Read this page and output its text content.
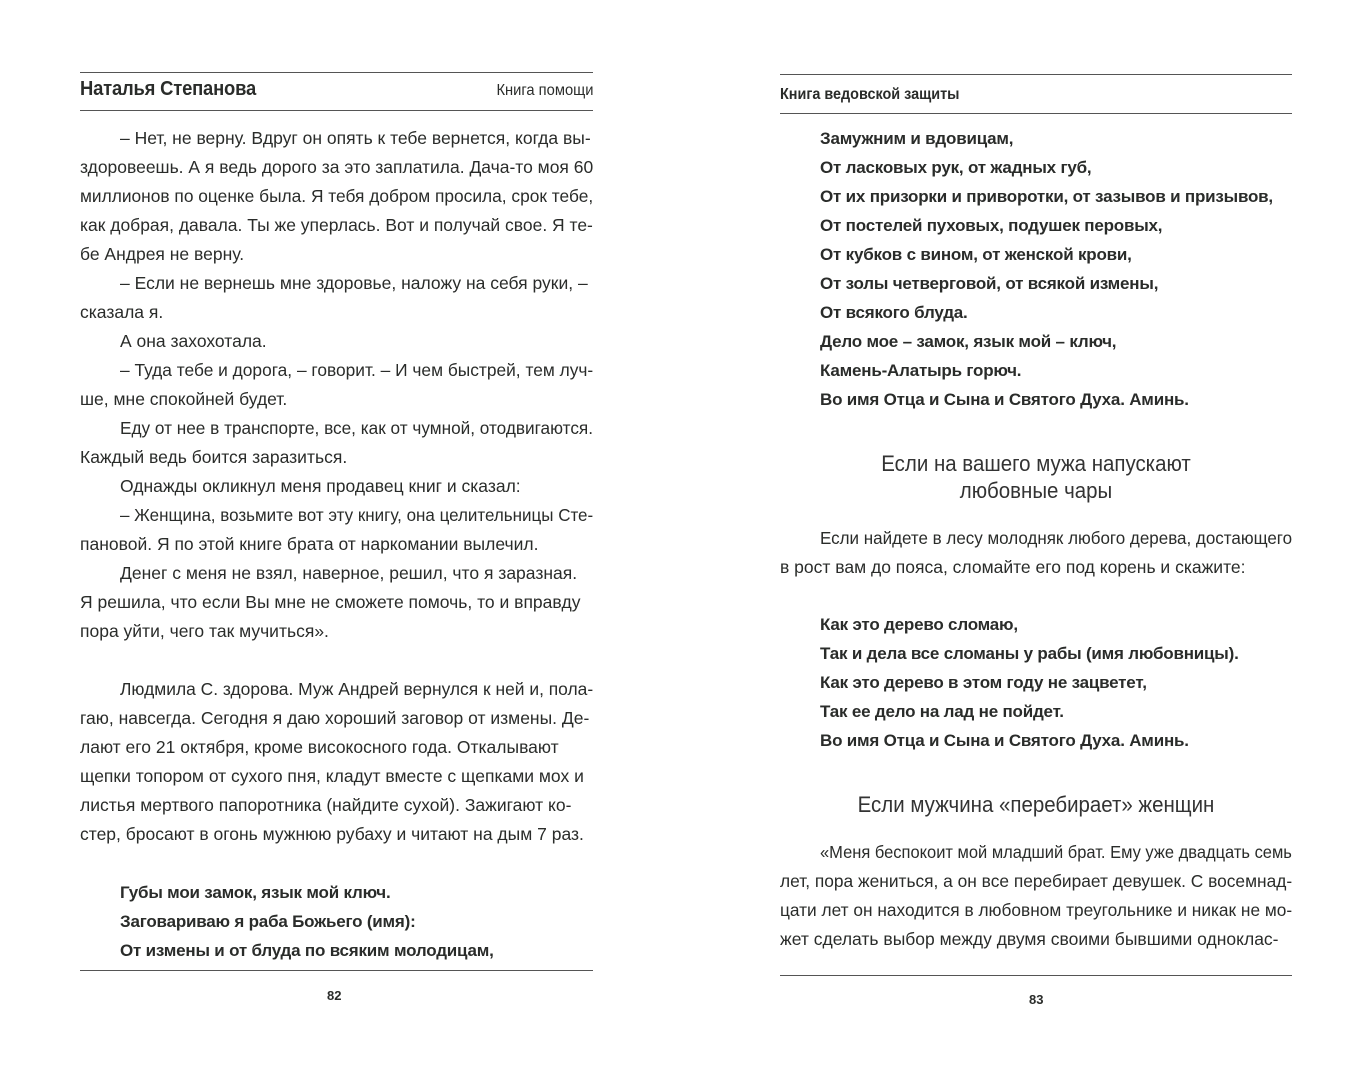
Наталья Степанова	Книга помощи
– Нет, не верну. Вдруг он опять к тебе вернется, когда вы-
здоровеешь. А я ведь дорого за это заплатила. Дача-то моя 60
миллионов по оценке была. Я тебя добром просила, срок тебе,
как добрая, давала. Ты же уперлась. Вот и получай свое. Я те-
бе Андрея не верну.
– Если не вернешь мне здоровье, наложу на себя руки, –
сказала я.
А она захохотала.
– Туда тебе и дорога, – говорит. – И чем быстрей, тем луч-
ше, мне спокойней будет.
Еду от нее в транспорте, все, как от чумной, отодвигаются.
Каждый ведь боится заразиться.
Однажды окликнул меня продавец книг и сказал:
– Женщина, возьмите вот эту книгу, она целительницы Сте-
пановой. Я по этой книге брата от наркомании вылечил.
Денег с меня не взял, наверное, решил, что я заразная.
Я решила, что если Вы мне не сможете помочь, то и вправду
пора уйти, чего так мучиться».
Людмила С. здорова. Муж Андрей вернулся к ней и, пола-
гаю, навсегда. Сегодня я даю хороший заговор от измены. Де-
лают его 21 октября, кроме високосного года. Откалывают
щепки топором от сухого пня, кладут вместе с щепками мох и
листья мертвого папоротника (найдите сухой). Зажигают ко-
стер, бросают в огонь мужнюю рубаху и читают на дым 7 раз.
Губы мои замок, язык мой ключ.
Заговариваю я раба Божьего (имя):
От измены и от блуда по всяким молодицам,
82
Книга ведовской защиты
Замужним и вдовицам,
От ласковых рук, от жадных губ,
От их призорки и приворотки, от зазывов и призывов,
От постелей пуховых, подушек перовых,
От кубков с вином, от женской крови,
От золы четверговой, от всякой измены,
От всякого блуда.
Дело мое – замок, язык мой – ключ,
Камень-Алатырь горюч.
Во имя Отца и Сына и Святого Духа. Аминь.
Если на вашего мужа напускают
любовные чары
Если найдете в лесу молодняк любого дерева, достающего
в рост вам до пояса, сломайте его под корень и скажите:
Как это дерево сломаю,
Так и дела все сломаны у рабы (имя любовницы).
Как это дерево в этом году не зацветет,
Так ее дело на лад не пойдет.
Во имя Отца и Сына и Святого Духа. Аминь.
Если мужчина «перебирает» женщин
«Меня беспокоит мой младший брат. Ему уже двадцать семь
лет, пора жениться, а он все перебирает девушек. С восемнад-
цати лет он находится в любовном треугольнике и никак не мо-
жет сделать выбор между двумя своими бывшими одноклас-
83
